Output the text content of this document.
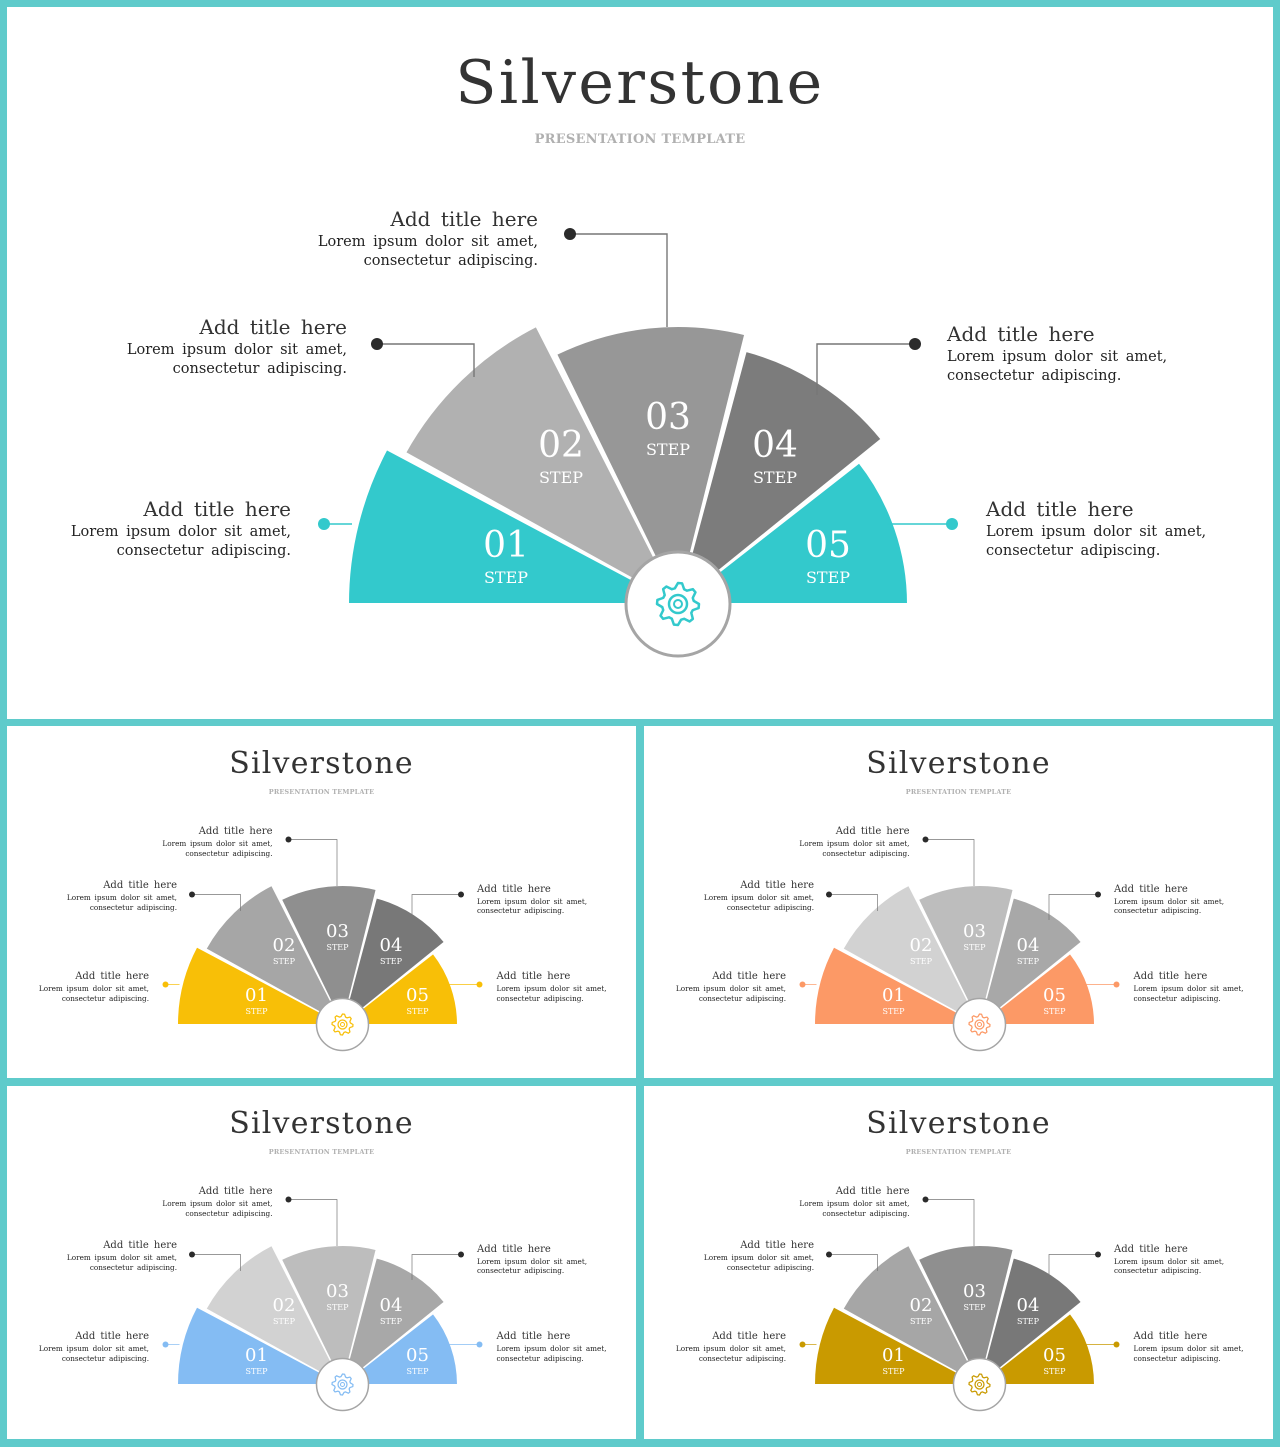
Silverstone
PRESENTATION TEMPLATE
01
STEP
02
STEP
03
STEP 04
STEP
05
STEP
Add title here
Lorem ipsum dolor sit amet,
consectetur adipiscing.
Add title here
Lorem ipsum dolor sit amet,
consectetur adipiscing.
Add title here
Lorem ipsum dolor sit amet,
consectetur adipiscing.
Add title here
Lorem ipsum dolor sit amet,
consectetur adipiscing.
Add title here
Lorem ipsum dolor sit amet,
consectetur adipiscing.
Silverstone
PRESENTATION TEMPLATE
01
STEP
02
STEP
03
STEP 04
STEP
05
STEP
Add title here
Lorem ipsum dolor sit amet,
consectetur adipiscing.
Add title here
Lorem ipsum dolor sit amet,
consectetur adipiscing.
Add title here
Lorem ipsum dolor sit amet,
consectetur adipiscing.
Add title here
Lorem ipsum dolor sit amet,
consectetur adipiscing.
Add title here
Lorem ipsum dolor sit amet,
consectetur adipiscing.
Silverstone
PRESENTATION TEMPLATE
01
STEP
02
STEP
03
STEP 04
STEP
05
STEP
Add title here
Lorem ipsum dolor sit amet,
consectetur adipiscing.
Add title here
Lorem ipsum dolor sit amet,
consectetur adipiscing.
Add title here
Lorem ipsum dolor sit amet,
consectetur adipiscing.
Add title here
Lorem ipsum dolor sit amet,
consectetur adipiscing.
Add title here
Lorem ipsum dolor sit amet,
consectetur adipiscing.
Silverstone
PRESENTATION TEMPLATE
01
STEP
02
STEP
03
STEP 04
STEP
05
STEP
Add title here
Lorem ipsum dolor sit amet,
consectetur adipiscing.
Add title here
Lorem ipsum dolor sit amet,
consectetur adipiscing.
Add title here
Lorem ipsum dolor sit amet,
consectetur adipiscing.
Add title here
Lorem ipsum dolor sit amet,
consectetur adipiscing.
Add title here
Lorem ipsum dolor sit amet,
consectetur adipiscing.
Silverstone
PRESENTATION TEMPLATE
01
STEP
02
STEP
03
STEP 04
STEP
05
STEP
Add title here
Lorem ipsum dolor sit amet,
consectetur adipiscing.
Add title here
Lorem ipsum dolor sit amet,
consectetur adipiscing.
Add title here
Lorem ipsum dolor sit amet,
consectetur adipiscing.
Add title here
Lorem ipsum dolor sit amet,
consectetur adipiscing.
Add title here
Lorem ipsum dolor sit amet,
consectetur adipiscing.
